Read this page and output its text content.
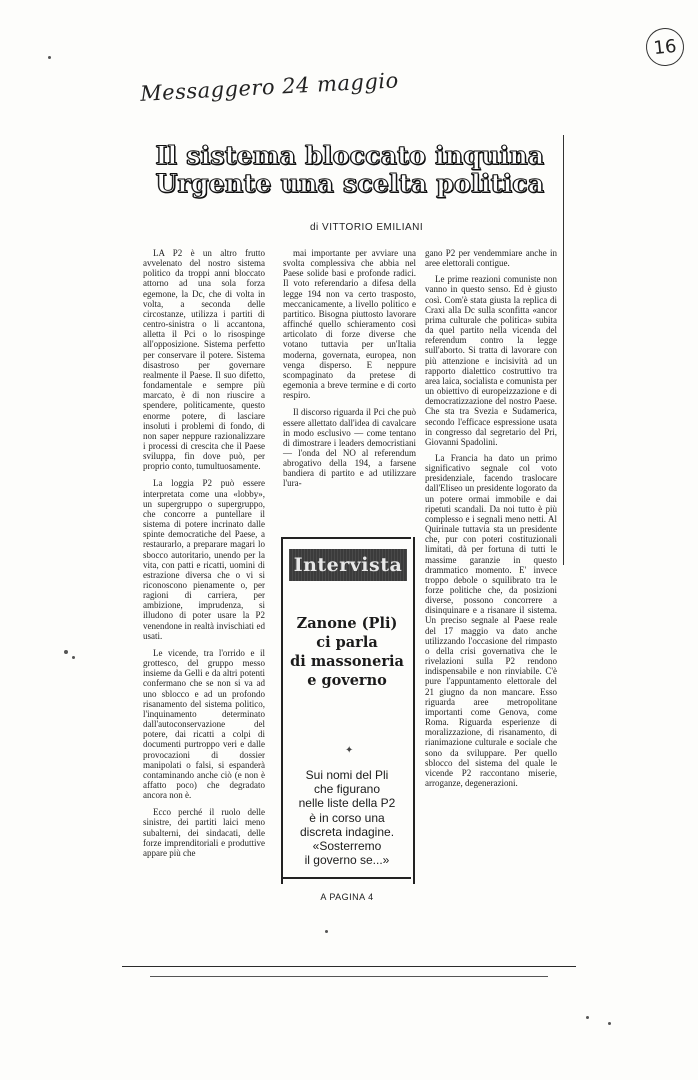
16
Messaggero 24 maggio
Il sistema bloccato inquina
Urgente una scelta politica
di VITTORIO EMILIANI

LA P2 è un altro frutto avvelenato del nostro sistema politico da troppi anni bloccato attorno ad una sola forza egemone, la Dc, che di volta in volta, a seconda delle circostanze, utilizza i partiti di centro-sinistra o li accantona, alletta il Pci o lo risospinge all'opposizione. Sistema perfetto per conservare il potere. Sistema disastroso per governare realmente il Paese. Il suo difetto, fondamentale e sempre più marcato, è di non riuscire a spendere, politicamente, questo enorme potere, di lasciare insoluti i problemi di fondo, di non saper neppure razionalizzare i processi di crescita che il Paese sviluppa, fin dove può, per proprio conto, tumultuosamente.

La loggia P2 può essere interpretata come una «lobby», un supergruppo o supergruppo, che concorre a puntellare il sistema di potere incrinato dalle spinte democratiche del Paese, a restaurarlo, a preparare magari lo sbocco autoritario, unendo per la vita, con patti e ricatti, uomini di estrazione diversa che o vi si riconoscono pienamente o, per ragioni di carriera, per ambizione, imprudenza, si illudono di poter usare la P2 venendone in realtà invischiati ed usati.

Le vicende, tra l'orrido e il grottesco, del gruppo messo insieme da Gelli e da altri potenti confermano che se non si va ad uno sblocco e ad un profondo risanamento del sistema politico, l'inquinamento determinato dall'autoconservazione del potere, dai ricatti a colpi di documenti purtroppo veri e dalle provocazioni di dossier manipolati o falsi, si espanderà contaminando anche ciò (e non è affatto poco) che degradato ancora non è.

Ecco perché il ruolo delle sinistre, dei partiti laici meno subalterni, dei sindacati, delle forze imprenditoriali e produttive appare più che

mai importante per avviare una svolta complessiva che abbia nel Paese solide basi e profonde radici. Il voto referendario a difesa della legge 194 non va certo trasposto, meccanicamente, a livello politico e partitico. Bisogna piuttosto lavorare affinché quello schieramento così articolato di forze diverse che votano tuttavia per un'Italia moderna, governata, europea, non venga disperso. E neppure scompaginato da pretese di egemonia a breve termine e di corto respiro.

Il discorso riguarda il Pci che può essere allettato dall'idea di cavalcare in modo esclusivo — come tentano di dimostrare i leaders democristiani — l'onda del NO al referendum abrogativo della 194, a farsene bandiera di partito e ad utilizzare l'ura-

gano P2 per vendemmiare anche in aree elettorali contigue.

Le prime reazioni comuniste non vanno in questo senso. Ed è giusto così. Com'è stata giusta la replica di Craxi alla Dc sulla sconfitta «ancor prima culturale che politica» subita da quel partito nella vicenda del referendum contro la legge sull'aborto. Si tratta di lavorare con più attenzione e incisività ad un rapporto dialettico costruttivo tra area laica, socialista e comunista per un obiettivo di europeizzazione e di democratizzazione del nostro Paese. Che sta tra Svezia e Sudamerica, secondo l'efficace espressione usata in congresso dal segretario del Pri, Giovanni Spadolini.

La Francia ha dato un primo significativo segnale col voto presidenziale, facendo traslocare dall'Eliseo un presidente logorato da un potere ormai immobile e dai ripetuti scandali. Da noi tutto è più complesso e i segnali meno netti. Al Quirinale tuttavia sta un presidente che, pur con poteri costituzionali limitati, dà per fortuna di tutti le massime garanzie in questo drammatico momento. E' invece troppo debole o squilibrato tra le forze politiche che, da posizioni diverse, possono concorrere a disinquinare e a risanare il sistema. Un preciso segnale al Paese reale del 17 maggio va dato anche utilizzando l'occasione del rimpasto o della crisi governativa che le rivelazioni sulla P2 rendono indispensabile e non rinviabile. C'è pure l'appuntamento elettorale del 21 giugno da non mancare. Esso riguarda aree metropolitane importanti come Genova, come Roma. Riguarda esperienze di moralizzazione, di risanamento, di rianimazione culturale e sociale che sono da sviluppare. Per quello sblocco del sistema del quale le vicende P2 raccontano miserie, arroganze, degenerazioni.

Intervista
Zanone (Pli)
ci parla
di massoneria
e governo
✦
Sui nomi del Pli
che figurano
nelle liste della P2
è in corso una
discreta indagine.
«Sosterremo
il governo se...»
A PAGINA 4
